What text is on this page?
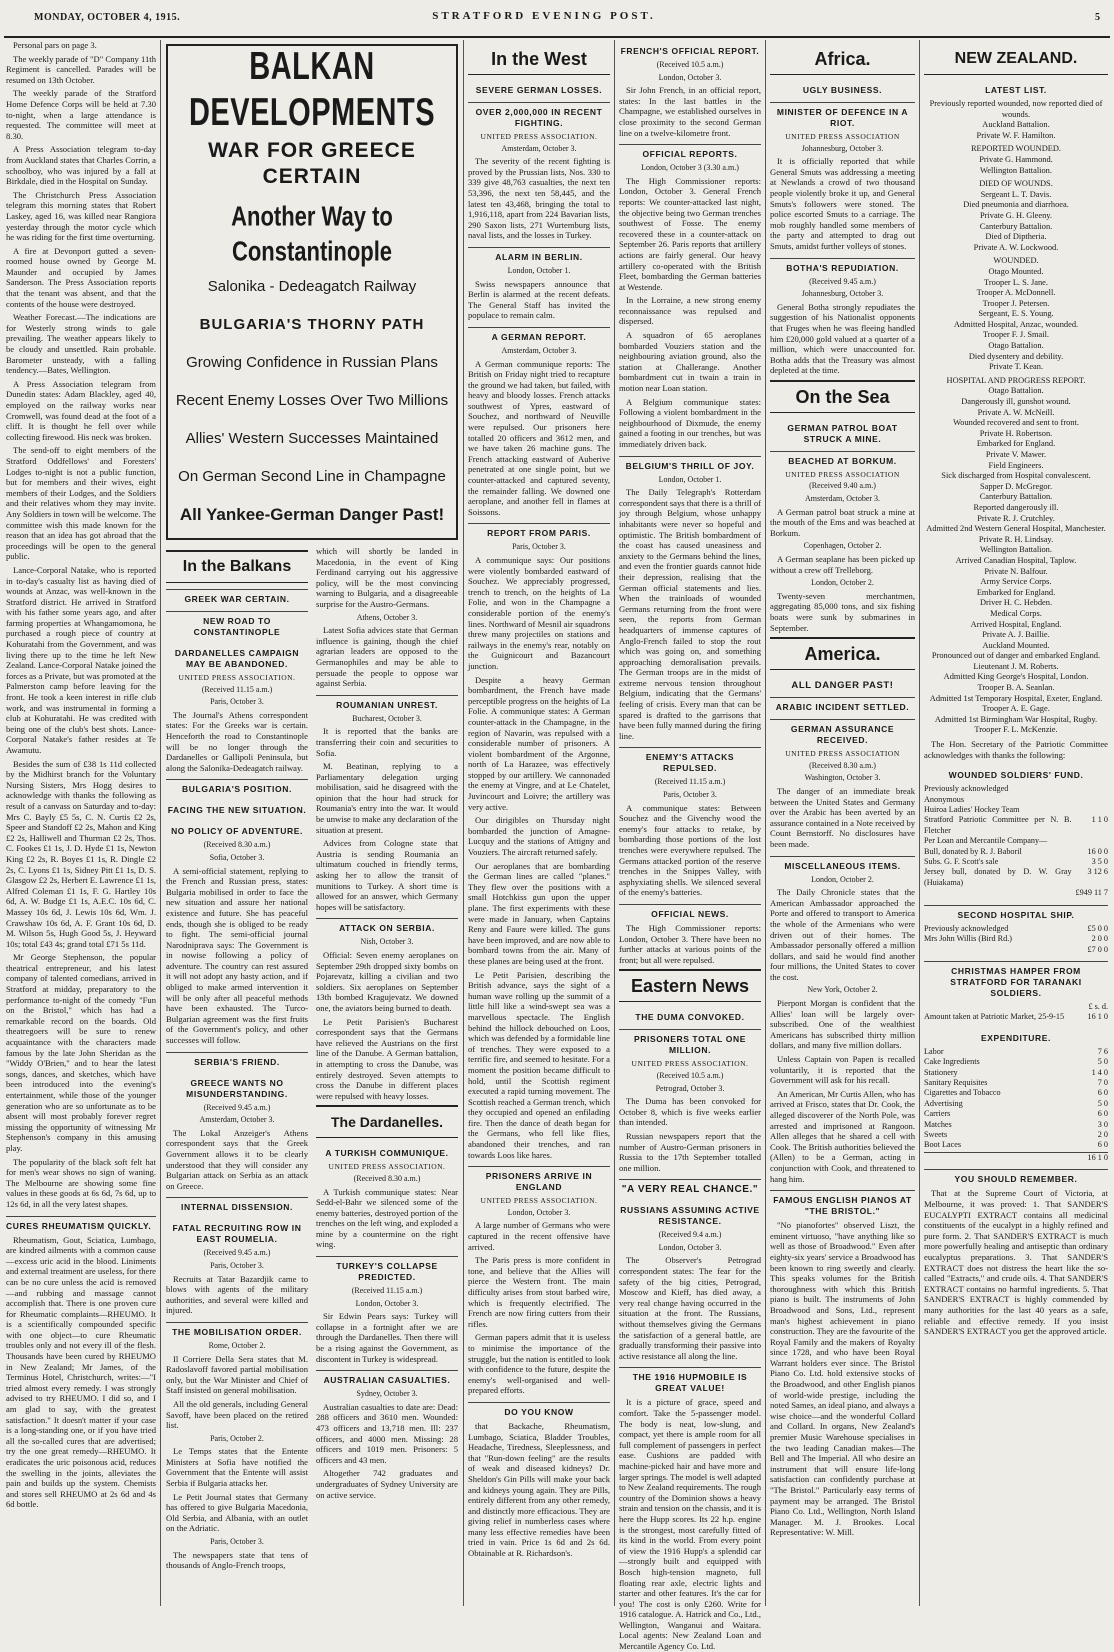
MONDAY, OCTOBER 4, 1915.	STRATFORD EVENING POST.	5

Personal pars on page 3.

The weekly parade of "D" Company 11th Regiment is cancelled. Parades will be resumed on 13th October.

The weekly parade of the Stratford Home Defence Corps will be held at 7.30 to-night, when a large attendance is requested. The committee will meet at 8.30.

A Press Association telegram to-day from Auckland states that Charles Corrin, a schoolboy, who was injured by a fall at Birkdale, died in the Hospital on Sunday.

The Christchurch Press Association telegram this morning states that Robert Laskey, aged 16, was killed near Rangiora yesterday through the motor cycle which he was riding for the first time overturning.

A fire at Devonport gutted a seven-roomed house owned by George M. Maunder and occupied by James Sanderson. The Press Association reports that the tenant was absent, and that the contents of the house were destroyed.

Weather Forecast.—The indications are for Westerly strong winds to gale prevailing. The weather appears likely to be cloudy and unsettled. Rain probable. Barometer unsteady, with a falling tendency.—Bates, Wellington.

A Press Association telegram from Dunedin states: Adam Blackley, aged 40, employed on the railway works near Cromwell, was found dead at the foot of a cliff. It is thought he fell over while collecting firewood. His neck was broken.

The send-off to eight members of the Stratford Oddfellows' and Foresters' Lodges to-night is not a public function, but for members and their wives, eight members of their Lodges, and the Soldiers and their relatives whom they may invite. Any Soldiers in town will be welcome. The committee wish this made known for the reason that an idea has got abroad that the proceedings will be open to the general public.

Lance-Corporal Natake, who is reported in to-day's casualty list as having died of wounds at Anzac, was well-known in the Stratford district. He arrived in Stratford with his father some years ago, and after farming properties at Whangamomona, he purchased a rough piece of country at Kohuratahi from the Government, and was living there up to the time he left New Zealand. Lance-Corporal Natake joined the forces as a Private, but was promoted at the Palmerston camp before leaving for the front. He took a keen interest in rifle club work, and was instrumental in forming a club at Kohuratahi. He was credited with being one of the club's best shots. Lance-Corporal Natake's father resides at Te Awamutu.

Besides the sum of £38 1s 11d collected by the Midhirst branch for the Voluntary Nursing Sisters, Mrs Hogg desires to acknowledge with thanks the following as result of a canvass on Saturday and to-day: Mrs C. Bayly £5 5s, C. N. Curtis £2 2s, Speer and Standoff £2 2s, Mahon and King £2 2s, Halliwell and Thurman £2 2s, Thos. C. Fookes £1 1s, J. D. Hyde £1 1s, Newton King £2 2s, R. Boyes £1 1s, R. Dingle £2 2s, C. Lyons £1 1s, Sidney Pitt £1 1s, D. S. Glasgow £2 2s, Herbert E. Lawrence £1 1s, Alfred Coleman £1 1s, F. G. Hartley 10s 6d, A. W. Budge £1 1s, A.E.C. 10s 6d, C. Massey 10s 6d, J. Lewis 10s 6d, Wm. J. Crawshaw 10s 6d, A. F. Grant 10s 6d, D. M. Wilson 5s, Hugh Good 5s, J. Heyward 10s; total £43 4s; grand total £71 5s 11d.

Mr George Stephenson, the popular theatrical entrepreneur, and his latest company of talented comedians, arrived in Stratford at midday, preparatory to the performance to-night of the comedy "Fun on the Bristol," which has had a remarkable record on the boards. Old theatregoers will be sure to renew acquaintance with the characters made famous by the late John Sheridan as the "Widdy O'Brien," and to hear the latest songs, dances, and sketches, which have been introduced into the evening's entertainment, while those of the younger generation who are so unfortunate as to be absent will most probably forever regret missing the opportunity of witnessing Mr Stephenson's company in this amusing play.

The popularity of the black soft felt hat for men's wear shows no sign of waning. The Melbourne are showing some fine values in these goods at 6s 6d, 7s 6d, up to 12s 6d, in all the very latest shapes.

CURES RHEUMATISM QUICKLY.

Rheumatism, Gout, Sciatica, Lumbago, are kindred ailments with a common cause—excess uric acid in the blood. Liniments and external treatment are useless, for there can be no cure unless the acid is removed—and rubbing and massage cannot accomplish that. There is one proven cure for Rheumatic complaints—RHEUMO. It is a scientifically compounded specific with one object—to cure Rheumatic troubles only and not every ill of the flesh. Thousands have been cured by RHEUMO in New Zealand; Mr James, of the Terminus Hotel, Christchurch, writes:—"I tried almost every remedy. I was strongly advised to try RHEUMO. I did so, and I am glad to say, with the greatest satisfaction." It doesn't matter if your case is a long-standing one, or if you have tried all the so-called cures that are advertised; try the one great remedy—RHEUMO. It eradicates the uric poisonous acid, reduces the swelling in the joints, alleviates the pain and builds up the system. Chemists and stores sell RHEUMO at 2s 6d and 4s 6d bottle.

BALKAN DEVELOPMENTS
WAR FOR GREECE CERTAIN
Another Way to Constantinople
Salonika - Dedeagatch Railway
BULGARIA'S THORNY PATH
Growing Confidence in Russian Plans
Recent Enemy Losses Over Two Millions
Allies' Western Successes Maintained
On German Second Line in Champagne
All Yankee-German Danger Past!
In the Balkans
GREEK WAR CERTAIN.
NEW ROAD TO CONSTANTINOPLE
DARDANELLES CAMPAIGN MAY BE ABANDONED.
UNITED PRESS ASSOCIATION.
(Received 11.15 a.m.)
Paris, October 3.

The Journal's Athens correspondent states: For the Greeks war is certain. Henceforth the road to Constantinople will be no longer through the Dardanelles or Gallipoli Peninsula, but along the Salonika-Dedeagatch railway.

BULGARIA'S POSITION.
FACING THE NEW SITUATION.
NO POLICY OF ADVENTURE.
(Received 8.30 a.m.)
Sofia, October 3.

A semi-official statement, replying to the French and Russian press, states: Bulgaria mobilised in order to face the new situation and assure her national existence and future. She has peaceful ends, though she is obliged to be ready to fight. The semi-official journal Narodniprava says: The Government is in nowise following a policy of adventure. The country can rest assured it will not adopt any hasty action, and if obliged to make armed intervention it will be only after all peaceful methods have been exhausted. The Turco-Bulgarian agreement was the first fruits of the Government's policy, and other successes will follow.

SERBIA'S FRIEND.
GREECE WANTS NO MISUNDERSTANDING.
(Received 9.45 a.m.)
Amsterdam, October 3.

The Lokal Anzeiger's Athens correspondent says that the Greek Government allows it to be clearly understood that they will consider any Bulgarian attack on Serbia as an attack on Greece.

INTERNAL DISSENSION.
FATAL RECRUITING ROW IN EAST ROUMELIA.
(Received 9.45 a.m.)
Paris, October 3.

Recruits at Tatar Bazardjik came to blows with agents of the military authorities, and several were killed and injured.

THE MOBILISATION ORDER.
Rome, October 2.

Il Corriere Della Sera states that M. Radoslavoff favored partial mobilisation only, but the War Minister and Chief of Staff insisted on general mobilisation.

All the old generals, including General Savoff, have been placed on the retired list.

Paris, October 2.

Le Temps states that the Entente Ministers at Sofia have notified the Government that the Entente will assist Serbia if Bulgaria attacks her.

Le Petit Journal states that Germany has offered to give Bulgaria Macedonia, Old Serbia, and Albania, with an outlet on the Adriatic.

Paris, October 3.

The newspapers state that tens of thousands of Anglo-French troops,

which will shortly be landed in Macedonia, in the event of King Ferdinand carrying out his aggressive policy, will be the most convincing warning to Bulgaria, and a disagreeable surprise for the Austro-Germans.

Athens, October 3.

Latest Sofia advices state that German influence is gaining, though the chief agrarian leaders are opposed to the Germanophiles and may be able to persuade the people to oppose war against Serbia.

ROUMANIAN UNREST.
Bucharest, October 3.

It is reported that the banks are transferring their coin and securities to Sofia.

M. Beatinan, replying to a Parliamentary delegation urging mobilisation, said he disagreed with the opinion that the hour had struck for Roumania's entry into the war. It would be unwise to make any declaration of the situation at present.

Advices from Cologne state that Austria is sending Roumania an ultimatum couched in friendly terms, asking her to allow the transit of munitions to Turkey. A short time is allowed for an answer, which Germany hopes will be satisfactory.

ATTACK ON SERBIA.
Nish, October 3.

Official: Seven enemy aeroplanes on September 29th dropped sixty bombs on Pojarevatz, killing a civilian and two soldiers. Six aeroplanes on September 13th bombed Kragujevatz. We downed one, the aviators being burned to death.

Le Petit Parisien's Bucharest correspondent says that the Germans have relieved the Austrians on the first line of the Danube. A German battalion, in attempting to cross the Danube, was entirely destroyed. Seven attempts to cross the Danube in different places were repulsed with heavy losses.

The Dardanelles.
A TURKISH COMMUNIQUE.
UNITED PRESS ASSOCIATION.
(Received 8.30 a.m.)

A Turkish communique states: Near Sedd-el-Bahr we silenced some of the enemy batteries, destroyed portion of the trenches on the left wing, and exploded a mine by a countermine on the right wing.

TURKEY'S COLLAPSE PREDICTED.
(Received 11.15 a.m.)
London, October 3.

Sir Edwin Pears says: Turkey will collapse in a fortnight after we are through the Dardanelles. Then there will be a rising against the Government, as discontent in Turkey is widespread.

AUSTRALIAN CASUALTIES.
Sydney, October 3.

Australian casualties to date are: Dead: 288 officers and 3610 men. Wounded: 473 officers and 13,718 men. Ill: 237 officers, and 4000 men. Missing: 28 officers and 1019 men. Prisoners: 5 officers and 43 men.

Altogether 742 graduates and undergraduates of Sydney University are on active service.

In the West
SEVERE GERMAN LOSSES.
OVER 2,000,000 IN RECENT FIGHTING.
UNITED PRESS ASSOCIATION.
Amsterdam, October 3.

The severity of the recent fighting is proved by the Prussian lists, Nos. 330 to 339 give 48,763 casualties, the next ten 53,396, the next ten 58,445, and the latest ten 43,468, bringing the total to 1,916,118, apart from 224 Bavarian lists, 290 Saxon lists, 271 Wurtemburg lists, naval lists, and the losses in Turkey.

ALARM IN BERLIN.
London, October 1.

Swiss newspapers announce that Berlin is alarmed at the recent defeats. The General Staff has invited the populace to remain calm.

A GERMAN REPORT.
Amsterdam, October 3.

A German communique reports: The British on Friday night tried to recapture the ground we had taken, but failed, with heavy and bloody losses. French attacks southwest of Ypres, eastward of Souchez, and northward of Neuville were repulsed. Our prisoners here totalled 20 officers and 3612 men, and we have taken 26 machine guns. The French attacking eastward of Auberive penetrated at one single point, but we counter-attacked and captured seventy, the remainder falling. We downed one aeroplane, and another fell in flames at Soissons.

REPORT FROM PARIS.
Paris, October 3.

A communique says: Our positions were violently bombarded eastward of Souchez. We appreciably progressed, trench to trench, on the heights of La Folie, and won in the Champagne a considerable portion of the enemy's lines. Northward of Mesnil air squadrons threw many projectiles on stations and railways in the enemy's rear, notably on the Guignicourt and Bazancourt junction.

Despite a heavy German bombardment, the French have made perceptible progress on the heights of La Folie. A communique states: A German counter-attack in the Champagne, in the region of Navarin, was repulsed with a considerable number of prisoners. A violent bombardment of the Argonne, north of La Harazee, was effectively stopped by our artillery. We cannonaded the enemy at Vingre, and at Le Chatelet, Juvincourt and Loivre; the artillery was very active.

Our dirigibles on Thursday night bombarded the junction of Amagne-Lucquy and the stations of Attigny and Vouziers. The aircraft returned safely.

Our aeroplanes that are bombarding the German lines are called "planes." They flew over the positions with a small Hotchkiss gun upon the upper plane. The first experiments with these were made in January, when Captains Reny and Faure were killed. The guns have been improved, and are now able to bombard towns from the air. Many of these planes are being used at the front.

Le Petit Parisien, describing the British advance, says the sight of a human wave rolling up the summit of a little hill like a wind-swept sea was a marvellous spectacle. The English behind the hillock debouched on Loos, which was defended by a formidable line of trenches. They were exposed to a terrific fire, and seemed to hesitate. For a moment the position became difficult to hold, until the Scottish regiment executed a rapid turning movement. The Scottish reached a German trench, which they occupied and opened an enfilading fire. Then the dance of death began for the Germans, who fell like flies, abandoned their trenches, and ran towards Loos like hares.

PRISONERS ARRIVE IN ENGLAND
UNITED PRESS ASSOCIATION.
London, October 3.

A large number of Germans who were captured in the recent offensive have arrived.

The Paris press is more confident in tone, and believe that the Allies will pierce the Western front. The main difficulty arises from stout barbed wire, which is frequently electrified. The French are now firing cutters from their rifles.

German papers admit that it is useless to minimise the importance of the struggle, but the nation is entitled to look with confidence to the future, despite the enemy's well-organised and well-prepared efforts.

DO YOU KNOW

that Backache, Rheumatism, Lumbago, Sciatica, Bladder Troubles, Headache, Tiredness, Sleeplessness, and that "Run-down feeling" are the results of weak and diseased kidneys? Dr. Sheldon's Gin Pills will make your back and kidneys young again. They are Pills, entirely different from any other remedy, and distinctly more efficacious. They are giving relief in numberless cases where many less effective remedies have been tried in vain. Price 1s 6d and 2s 6d. Obtainable at R. Richardson's.

FRENCH'S OFFICIAL REPORT.
(Received 10.5 a.m.)
London, October 3.

Sir John French, in an official report, states: In the last battles in the Champagne, we established ourselves in close proximity to the second German line on a twelve-kilometre front.

OFFICIAL REPORTS.
London, October 3 (3.30 a.m.)

The High Commissioner reports: London, October 3. General French reports: We counter-attacked last night, the objective being two German trenches southwest of Fosse. The enemy recovered these in a counter-attack on September 26. Paris reports that artillery actions are fairly general. Our heavy artillery co-operated with the British Fleet, bombarding the German batteries at Westende.

In the Lorraine, a new strong enemy reconnaissance was repulsed and dispersed.

A squadron of 65 aeroplanes bombarded Vouziers station and the neighbouring aviation ground, also the station at Challerange. Another bombardment cut in twain a train in motion near Loan station.

A Belgium communique states: Following a violent bombardment in the neighbourhood of Dixmude, the enemy gained a footing in our trenches, but was immediately driven back.

BELGIUM'S THRILL OF JOY.
London, October 1.

The Daily Telegraph's Rotterdam correspondent says that there is a thrill of joy through Belgium, whose unhappy inhabitants were never so hopeful and optimistic. The British bombardment of the coast has caused uneasiness and anxiety to the Germans behind the lines, and even the frontier guards cannot hide their depression, realising that the German official statements and lies. When the trainloads of wounded Germans returning from the front were seen, the reports from German headquarters of immense captures of Anglo-French failed to stop the rout which was going on, and something approaching demoralisation prevails. The German troops are in the midst of extreme nervous tension throughout Belgium, indicating that the Germans' feeling of crisis. Every man that can be spared is drafted to the garrisons that have been fully manned during the firing line.

ENEMY'S ATTACKS REPULSED.
(Received 11.15 a.m.)
Paris, October 3.

A communique states: Between Souchez and the Givenchy wood the enemy's four attacks to retake, by bombarding those portions of the lost trenches were everywhere repulsed. The Germans attacked portion of the reserve trenches in the Snippes Valley, with asphyxiating shells. We silenced several of the enemy's batteries.

OFFICIAL NEWS.

The High Commissioner reports: London, October 3. There have been no further attacks at various points of the front; but all were repulsed.

Eastern News
THE DUMA CONVOKED.
PRISONERS TOTAL ONE MILLION.
UNITED PRESS ASSOCIATION.
(Received 10.5 a.m.)
Petrograd, October 3.

The Duma has been convoked for October 8, which is five weeks earlier than intended.

Russian newspapers report that the number of Austro-German prisoners in Russia to the 17th September totalled one million.

"A VERY REAL CHANCE."
RUSSIANS ASSUMING ACTIVE RESISTANCE.
(Received 9.4 a.m.)
London, October 3.

The Observer's Petrograd correspondent states: The fear for the safety of the big cities, Petrograd, Moscow and Kieff, has died away, a very real change having occurred in the situation at the front. The Russians, without themselves giving the Germans the satisfaction of a general battle, are gradually transforming their passive into active resistance all along the line.

THE 1916 HUPMOBILE IS GREAT VALUE!

It is a picture of grace, speed and comfort. Take the 5-passenger model. The body is neat, low-slung, and compact, yet there is ample room for all full complement of passengers in perfect ease. Cushions are padded with machine-picked hair and have more and larger springs. The model is well adapted to New Zealand requirements. The rough country of the Dominion shows a heavy strain and tension on the chassis, and it is here the Hupp scores. Its 22 h.p. engine is the strongest, most carefully fitted of its kind in the world. From every point of view the 1916 Hupp's a splendid car—strongly built and equipped with Bosch high-tension magneto, full floating rear axle, electric lights and starter and other features. It's the car for you! The cost is only £260. Write for 1916 catalogue. A. Hatrick and Co., Ltd., Wellington, Wanganui and Waitara. Local agents: New Zealand Loan and Mercantile Agency Co. Ltd.

Africa.
UGLY BUSINESS.
MINISTER OF DEFENCE IN A RIOT.
UNITED PRESS ASSOCIATION
Johannesburg, October 3.

It is officially reported that while General Smuts was addressing a meeting at Newlands a crowd of two thousand people violently broke it up, and General Smuts's followers were stoned. The police escorted Smuts to a carriage. The mob roughly handled some members of the party and attempted to drag out Smuts, amidst further volleys of stones.

BOTHA'S REPUDIATION.
(Received 9.45 a.m.)
Johannesburg, October 3.

General Botha strongly repudiates the suggestion of his Nationalist opponents that Fruges when he was fleeing handled him £20,000 gold valued at a quarter of a million, which were unaccounted for. Botha adds that the Treasury was almost depleted at the time.

On the Sea
GERMAN PATROL BOAT STRUCK A MINE.
BEACHED AT BORKUM.
UNITED PRESS ASSOCIATION
(Received 9.40 a.m.)
Amsterdam, October 3.

A German patrol boat struck a mine at the mouth of the Ems and was beached at Borkum.

Copenhagen, October 2.

A German seaplane has been picked up without a crew off Trelleborg.

London, October 2.

Twenty-seven merchantmen, aggregating 85,000 tons, and six fishing boats were sunk by submarines in September.

America.
ALL DANGER PAST!
ARABIC INCIDENT SETTLED.
GERMAN ASSURANCE RECEIVED.
UNITED PRESS ASSOCIATION
(Received 8.30 a.m.)
Washington, October 3.

The danger of an immediate break between the United States and Germany over the Arabic has been averted by an assurance contained in a Note received by Count Bernstorff. No disclosures have been made.

MISCELLANEOUS ITEMS.
London, October 2.

The Daily Chronicle states that the American Ambassador approached the Porte and offered to transport to America the whole of the Armenians who were driven out of their homes. The Ambassador personally offered a million dollars, and said he would find another four millions, the United States to cover the cost.

New York, October 2.

Pierpont Morgan is confident that the Allies' loan will be largely over-subscribed. One of the wealthiest Americans has subscribed thirty million dollars, and many five million dollars.

Unless Captain von Papen is recalled voluntarily, it is reported that the Government will ask for his recall.

An American, Mr Curtis Allen, who has arrived at Frisco, states that Dr. Cook, the alleged discoverer of the North Pole, was arrested and imprisoned at Rangoon. Allen alleges that he shared a cell with Cook. The British authorities believed the (Allen) to be a German, acting in conjunction with Cook, and threatened to hang him.

FAMOUS ENGLISH PIANOS AT "THE BRISTOL."

"No pianofortes" observed Liszt, the eminent virtuoso, "have anything like so well as those of Broadwood." Even after eighty-six years' service a Broadwood has been known to ring sweetly and clearly. This speaks volumes for the British thoroughness with which this British piano is built. The instruments of John Broadwood and Sons, Ltd., represent man's highest achievement in piano construction. They are the favourite of the Royal Family and the makers of Royalty since 1728, and who have been Royal Warrant holders ever since. The Bristol Piano Co. Ltd. hold extensive stocks of the Broadwood, and other English pianos of world-wide prestige, including the noted Sames, an ideal piano, and always a wise choice—and the wonderful Collard and Collard. In organs, New Zealand's premier Music Warehouse specialises in the two leading Canadian makes—The Bell and The Imperial. All who desire an instrument that will ensure life-long satisfaction can confidently purchase at "The Bristol." Particularly easy terms of payment may be arranged. The Bristol Piano Co. Ltd., Wellington, North Island Manager. M. J. Brookes. Local Representative: W. Mill.

NEW ZEALAND.
LATEST LIST.
Previously reported wounded, now reported died of wounds.
Auckland Battalion.
Private W. F. Hamilton.
REPORTED WOUNDED.
Private G. Hammond.
Wellington Battalion.
DIED OF WOUNDS.
Sergeant L. T. Davis.
Died pneumonia and diarrhoea.
Private G. H. Gleeny.
Canterbury Battalion.
Died of Diptheria.
Private A. W. Lockwood.
WOUNDED.
Otago Mounted.
Trooper L. S. Jane.
Trooper A. McDonnell.
Trooper J. Petersen.
Sergeant, E. S. Young.
Admitted Hospital, Anzac, wounded.
Trooper F. J. Smail.
Otago Battalion.
Died dysentery and debility.
Private T. Kean.
HOSPITAL AND PROGRESS REPORT.
Otago Battalion.
Dangerously ill, gunshot wound.
Private A. W. McNeill.
Wounded recovered and sent to front.
Private H. Robertson.
Embarked for England.
Private V. Mawer.
Field Engineers.
Sick discharged from Hospital convalescent.
Sapper D. McGregor.
Canterbury Battalion.
Reported dangerously ill.
Private R. J. Crutchley.
Admitted 2nd Western General Hospital, Manchester.
Private R. H. Lindsay.
Wellington Battalion.
Arrived Canadian Hospital, Taplow.
Private N. Balfour.
Army Service Corps.
Embarked for England.
Driver H. C. Hebden.
Medical Corps.
Arrived Hospital, England.
Private A. J. Baillie.
Auckland Mounted.
Pronounced out of danger and embarked England.
Lieutenant J. M. Roberts.
Admitted King George's Hospital, London.
Trooper B. A. Seanlan.
Admitted 1st Temporary Hospital, Exeter, England.
Trooper A. E. Gage.
Admitted 1st Birmingham War Hospital, Rugby.
Trooper F. L. McKenzie.

The Hon. Secretary of the Patriotic Committee acknowledges with thanks the following:

WOUNDED SOLDIERS' FUND.
Previously acknowledged	
Anonymous	
Huiroa Ladies' Hockey Team	
Stratford Patriotic Committee per N. B. Fletcher	1 1 0
Per Loan and Mercantile Company—	
Bull, donated by R. J. Baboril	16 0 0
Subs. G. F. Scott's sale	3 5 0
Jersey bull, donated by D. W. Gray (Huiakama)	3 12 6
	£949 11 7
SECOND HOSPITAL SHIP.
Previously acknowledged	£5 0 0
Mrs John Willis (Bird Rd.)	2 0 0
	£7 0 0
CHRISTMAS HAMPER FROM STRATFORD FOR TARANAKI SOLDIERS.
	£ s. d.
Amount taken at Patriotic Market, 25-9-15	16 1 0
EXPENDITURE.
Labor	7 6
Cake Ingredients	5 0
Stationery	1 4 0
Sanitary Requisites	7 0
Cigarettes and Tobacco	6 0
Advertising	5 0
Carriers	6 0
Matches	3 0
Sweets	2 0
Boot Laces	6 0
16 1 0
YOU SHOULD REMEMBER.

That at the Supreme Court of Victoria, at Melbourne, it was proved: 1. That SANDER'S EUCALYPTI EXTRACT contains all medicinal constituents of the eucalypt in a highly refined and pure form. 2. That SANDER'S EXTRACT is much more powerfully healing and antiseptic than ordinary eucalyptus preparations. 3. That SANDER'S EXTRACT does not distress the heart like the so-called "Extracts," and crude oils. 4. That SANDER'S EXTRACT contains no harmful ingredients. 5. That SANDER'S EXTRACT is highly commended by many authorities for the last 40 years as a safe, reliable and effective remedy. If you insist SANDER'S EXTRACT you get the approved article.
